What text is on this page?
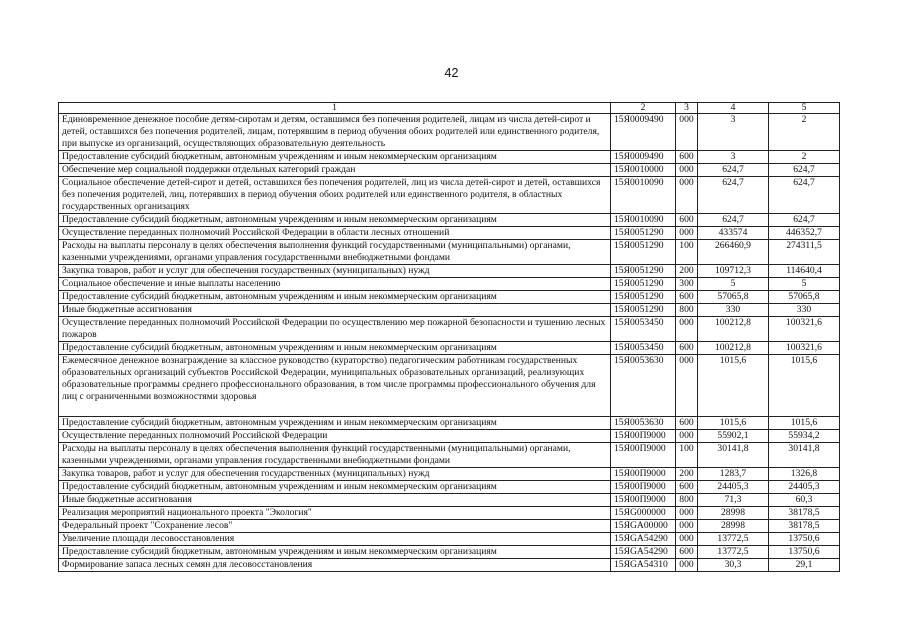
42
1	2	3	4	5
Единовременное денежное пособие детям-сиротам и детям, оставшимся без попечения родителей, лицам из числа детей-сирот и детей, оставшихся без попечения родителей, лицам, потерявшим в период обучения обоих родителей или единственного родителя, при выпуске из организаций, осуществляющих образовательную деятельность	15Я0009490	000	3	2
Предоставление субсидий бюджетным, автономным учреждениям и иным некоммерческим организациям	15Я0009490	600	3	2
Обеспечение мер социальной поддержки отдельных категорий граждан	15Я0010000	000	624,7	624,7
Социальное обеспечение детей-сирот и детей, оставшихся без попечения родителей, лиц из числа детей-сирот и детей, оставшихся без попечения родителей, лиц, потерявших в период обучения обоих родителей или единственного родителя, в областных государственных организациях	15Я0010090	000	624,7	624,7
Предоставление субсидий бюджетным, автономным учреждениям и иным некоммерческим организациям	15Я0010090	600	624,7	624,7
Осуществление переданных полномочий Российской Федерации в области лесных отношений	15Я0051290	000	433574	446352,7
Расходы на выплаты персоналу в целях обеспечения выполнения функций государственными (муниципальными) органами, казенными учреждениями, органами управления государственными внебюджетными фондами	15Я0051290	100	266460,9	274311,5
Закупка товаров, работ и услуг для обеспечения государственных (муниципальных) нужд	15Я0051290	200	109712,3	114640,4
Социальное обеспечение и иные выплаты населению	15Я0051290	300	5	5
Предоставление субсидий бюджетным, автономным учреждениям и иным некоммерческим организациям	15Я0051290	600	57065,8	57065,8
Иные бюджетные ассигнования	15Я0051290	800	330	330
Осуществление переданных полномочий Российской Федерации по осуществлению мер пожарной безопасности и тушению лесных пожаров	15Я0053450	000	100212,8	100321,6
Предоставление субсидий бюджетным, автономным учреждениям и иным некоммерческим организациям	15Я0053450	600	100212,8	100321,6
Ежемесячное денежное вознаграждение за классное руководство (кураторство) педагогическим работникам государственных образовательных организаций субъектов Российской Федерации, муниципальных образовательных организаций, реализующих образовательные программы среднего профессионального образования, в том числе программы профессионального обучения для лиц с ограниченными возможностями здоровья	15Я0053630	000	1015,6	1015,6
Предоставление субсидий бюджетным, автономным учреждениям и иным некоммерческим организациям	15Я0053630	600	1015,6	1015,6
Осуществление переданных полномочий Российской Федерации	15Я00П9000	000	55902,1	55934,2
Расходы на выплаты персоналу в целях обеспечения выполнения функций государственными (муниципальными) органами, казенными учреждениями, органами управления государственными внебюджетными фондами	15Я00П9000	100	30141,8	30141,8
Закупка товаров, работ и услуг для обеспечения государственных (муниципальных) нужд	15Я00П9000	200	1283,7	1326,8
Предоставление субсидий бюджетным, автономным учреждениям и иным некоммерческим организациям	15Я00П9000	600	24405,3	24405,3
Иные бюджетные ассигнования	15Я00П9000	800	71,3	60,3
Реализация мероприятий национального проекта "Экология"	15ЯG000000	000	28998	38178,5
Федеральный проект "Сохранение лесов"	15ЯGA00000	000	28998	38178,5
Увеличение площади лесовосстановления	15ЯGA54290	000	13772,5	13750,6
Предоставление субсидий бюджетным, автономным учреждениям и иным некоммерческим организациям	15ЯGA54290	600	13772,5	13750,6
Формирование запаса лесных семян для лесовосстановления	15ЯGA54310	000	30,3	29,1
